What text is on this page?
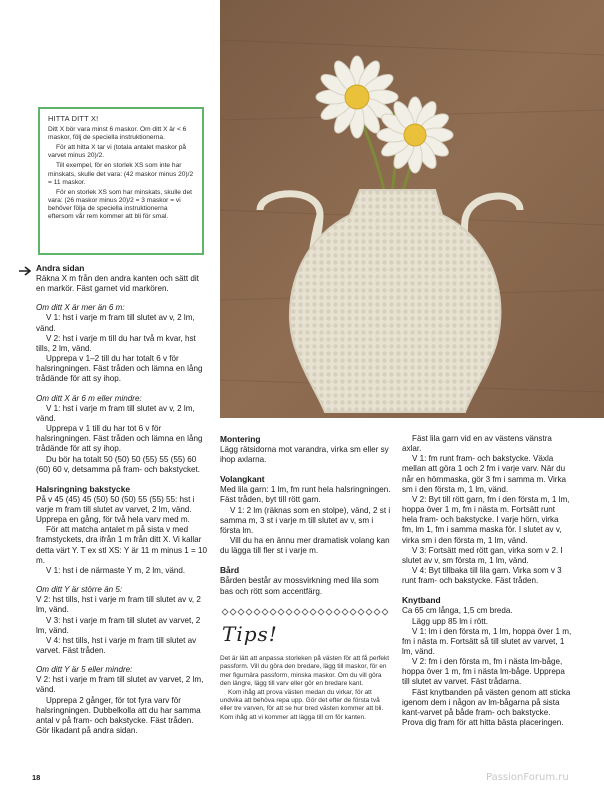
HITTA DITT X!

Ditt X bör vara minst 6 maskor. Om ditt X är < 6 maskor, följ de speciella instruktionerna.

För att hitta X tar vi (totala antalet maskor på varvet minus 20)/2.

Till exempel, för en storlek XS som inte har minskats, skulle det vara: (42 maskor minus 20)/2 = 11 maskor.

För en storlek XS som har minskats, skulle det vara: (26 maskor minus 20)/2 = 3 maskor = vi behöver följa de speciella instruktionerna eftersom vår rem kommer att bli för smal.

Andra sidan

Räkna X m från den andra kanten och sätt dit en markör. Fäst garnet vid markören.

Om ditt X är mer än 6 m:

V 1: hst i varje m fram till slutet av v, 2 lm, vänd.

V 2: hst i varje m till du har två m kvar, hst tills, 2 lm, vänd.

Upprepa v 1–2 till du har totalt 6 v för halsringningen. Fäst tråden och lämna en lång trådände för att sy ihop.

Om ditt X är 6 m eller mindre:

V 1: hst i varje m fram till slutet av v, 2 lm, vänd.

Upprepa v 1 till du har tot 6 v för halsringningen. Fäst tråden och lämna en lång trådände för att sy ihop.

Du bör ha totalt 50 (50) 50 (55) 55 (55) 60 (60) 60 v, detsamma på fram- och bakstycket.

Halsringning bakstycke

På v 45 (45) 45 (50) 50 (50) 55 (55) 55: hst i varje m fram till slutet av varvet, 2 lm, vänd. Upprepa en gång, för två hela varv med m.

För att matcha antalet m på sista v med framstyckets, dra ifrån 1 m från ditt X. Vi kallar detta värt Y. T ex stl XS: Y är 11 m minus 1 = 10 m.

V 1: hst i de närmaste Y m, 2 lm, vänd.

Om ditt Y är större än 5:

V 2: hst tills, hst i varje m fram till slutet av v, 2 lm, vänd.

V 3: hst i varje m fram till slutet av varvet, 2 lm, vänd.

V 4: hst tills, hst i varje m fram till slutet av varvet. Fäst tråden.

Om ditt Y är 5 eller mindre:

V 2: hst i varje m fram till slutet av varvet, 2 lm, vänd.

Upprepa 2 gånger, för tot fyra varv för halsringningen. Dubbelkolla att du har samma antal v på fram- och bakstycke. Fäst tråden. Gör likadant på andra sidan.

Montering

Lägg rätsidorna mot varandra, virka sm eller sy ihop axlarna.

Volangkant

Med lila garn: 1 lm, fm runt hela halsringningen. Fäst tråden, byt till rött garn.

V 1: 2 lm (räknas som en stolpe), vänd, 2 st i samma m, 3 st i varje m till slutet av v, sm i första lm.

Vill du ha en ännu mer dramatisk volang kan du lägga till fler st i varje m.

Bård

Bården består av mossvirkning med lila som bas och rött som accentfärg.

Tips!

Det är lätt att anpassa storleken på västen för att få perfekt passform. Vill du göra den bredare, lägg till maskor, för en mer figurnära passform, minska maskor. Om du vill göra den längre, lägg till varv eller gör en bredare kant.

Kom ihåg att prova västen medan du virkar, för att undvika att behöva repa upp. Gör det efter de första två eller tre varven, för att se hur bred västen kommer att bli. Kom ihåg att vi kommer att lägga till cm för kanten.

Fäst lila garn vid en av västens vänstra axlar.

V 1: fm runt fram- och bakstycke. Växla mellan att göra 1 och 2 fm i varje varv. När du når en hörnmaska, gör 3 fm i samma m. Virka sm i den första m, 1 lm, vänd.

V 2: Byt till rött garn, fm i den första m, 1 lm, hoppa över 1 m, fm i nästa m. Fortsätt runt hela fram- och bakstycke. I varje hörn, virka fm, lm 1, fm i samma maska för. I slutet av v, virka sm i den första m, 1 lm, vänd.

V 3: Fortsätt med rött gan, virka som v 2. I slutet av v, sm första m, 1 lm, vänd.

V 4: Byt tillbaka till lila garn. Virka som v 3 runt fram- och bakstycke. Fäst tråden.

Knytband

Ca 65 cm långa, 1,5 cm breda.

Lägg upp 85 lm i rött.

V 1: lm i den första m, 1 lm, hoppa över 1 m, fm i nästa m. Fortsätt så till slutet av varvet, 1 lm, vänd.

V 2: fm i den första m, fm i nästa lm-båge, hoppa över 1 m, fm i nästa lm-båge. Upprepa till slutet av varvet. Fäst trådarna.

Fäst knytbanden på västen genom att sticka igenom dem i någon av lm-bågarna på sista kant-varvet på både fram- och bakstycke. Prova dig fram för att hitta bästa placeringen.

18	PassionForum.ru
